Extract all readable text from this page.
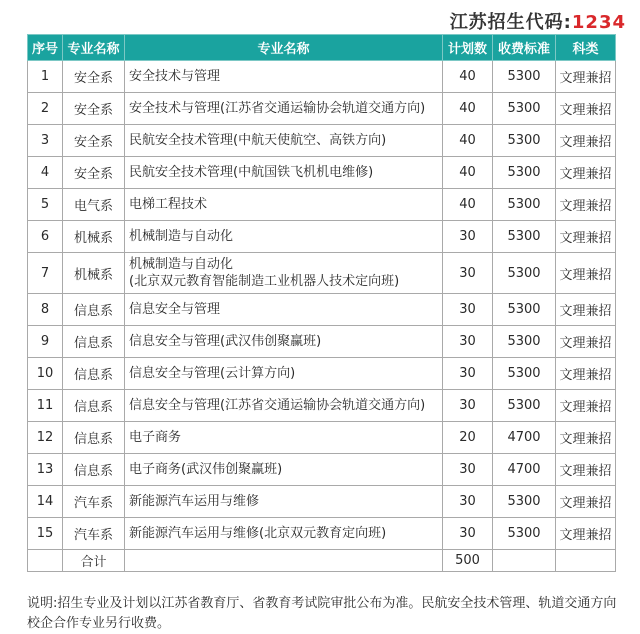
江苏招生代码:1234
序号	专业名称	专业名称	计划数	收费标准	科类
1	安全系	安全技术与管理	40	5300	文理兼招
2	安全系	安全技术与管理(江苏省交通运输协会轨道交通方向)	40	5300	文理兼招
3	安全系	民航安全技术管理(中航天使航空、高铁方向)	40	5300	文理兼招
4	安全系	民航安全技术管理(中航国铁飞机机电维修)	40	5300	文理兼招
5	电气系	电梯工程技术	40	5300	文理兼招
6	机械系	机械制造与自动化	30	5300	文理兼招
7	机械系	机械制造与自动化
(北京双元教育智能制造工业机器人技术定向班)	30	5300	文理兼招
8	信息系	信息安全与管理	30	5300	文理兼招
9	信息系	信息安全与管理(武汉伟创聚赢班)	30	5300	文理兼招
10	信息系	信息安全与管理(云计算方向)	30	5300	文理兼招
11	信息系	信息安全与管理(江苏省交通运输协会轨道交通方向)	30	5300	文理兼招
12	信息系	电子商务	20	4700	文理兼招
13	信息系	电子商务(武汉伟创聚赢班)	30	4700	文理兼招
14	汽车系	新能源汽车运用与维修	30	5300	文理兼招
15	汽车系	新能源汽车运用与维修(北京双元教育定向班)	30	5300	文理兼招
	合计		500		
说明:招生专业及计划以江苏省教育厅、省教育考试院审批公布为准。民航安全技术管理、轨道交通方向校企合作专业另行收费。
